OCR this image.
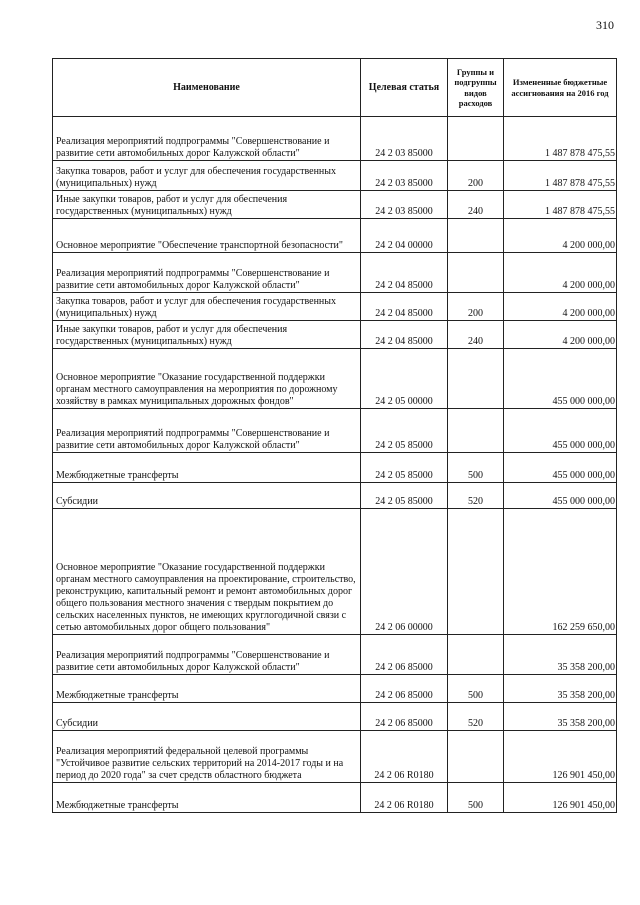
310
Наименование	Целевая статья	Группы и подгруппы видов расходов	Измененные бюджетные ассигнования на 2016 год
Реализация мероприятий подпрограммы "Совершенствование и развитие сети автомобильных дорог Калужской области"	24 2 03 85000		1 487 878 475,55
Закупка товаров, работ и услуг для обеспечения государственных (муниципальных) нужд	24 2 03 85000	200	1 487 878 475,55
Иные закупки товаров, работ и услуг для обеспечения государственных (муниципальных) нужд	24 2 03 85000	240	1 487 878 475,55
Основное мероприятие "Обеспечение транспортной безопасности"	24 2 04 00000		4 200 000,00
Реализация мероприятий подпрограммы "Совершенствование и развитие сети автомобильных дорог Калужской области"	24 2 04 85000		4 200 000,00
Закупка товаров, работ и услуг для обеспечения государственных (муниципальных) нужд	24 2 04 85000	200	4 200 000,00
Иные закупки товаров, работ и услуг для обеспечения государственных (муниципальных) нужд	24 2 04 85000	240	4 200 000,00
Основное мероприятие "Оказание государственной поддержки органам местного самоуправления на мероприятия по дорожному хозяйству в рамках муниципальных дорожных фондов"	24 2 05 00000		455 000 000,00
Реализация мероприятий подпрограммы "Совершенствование и развитие сети автомобильных дорог Калужской области"	24 2 05 85000		455 000 000,00
Межбюджетные трансферты	24 2 05 85000	500	455 000 000,00
Субсидии	24 2 05 85000	520	455 000 000,00
Основное мероприятие "Оказание государственной поддержки органам местного самоуправления на проектирование, строительство, реконструкцию, капитальный ремонт и ремонт автомобильных дорог общего пользования местного значения с твердым покрытием до сельских населенных пунктов, не имеющих круглогодичной связи с сетью автомобильных дорог общего пользования"	24 2 06 00000		162 259 650,00
Реализация мероприятий подпрограммы "Совершенствование и развитие сети автомобильных дорог Калужской области"	24 2 06 85000		35 358 200,00
Межбюджетные трансферты	24 2 06 85000	500	35 358 200,00
Субсидии	24 2 06 85000	520	35 358 200,00
Реализация мероприятий федеральной целевой программы "Устойчивое развитие сельских территорий на 2014-2017 годы и на период до 2020 года" за счет средств областного бюджета	24 2 06 R0180		126 901 450,00
Межбюджетные трансферты	24 2 06 R0180	500	126 901 450,00
